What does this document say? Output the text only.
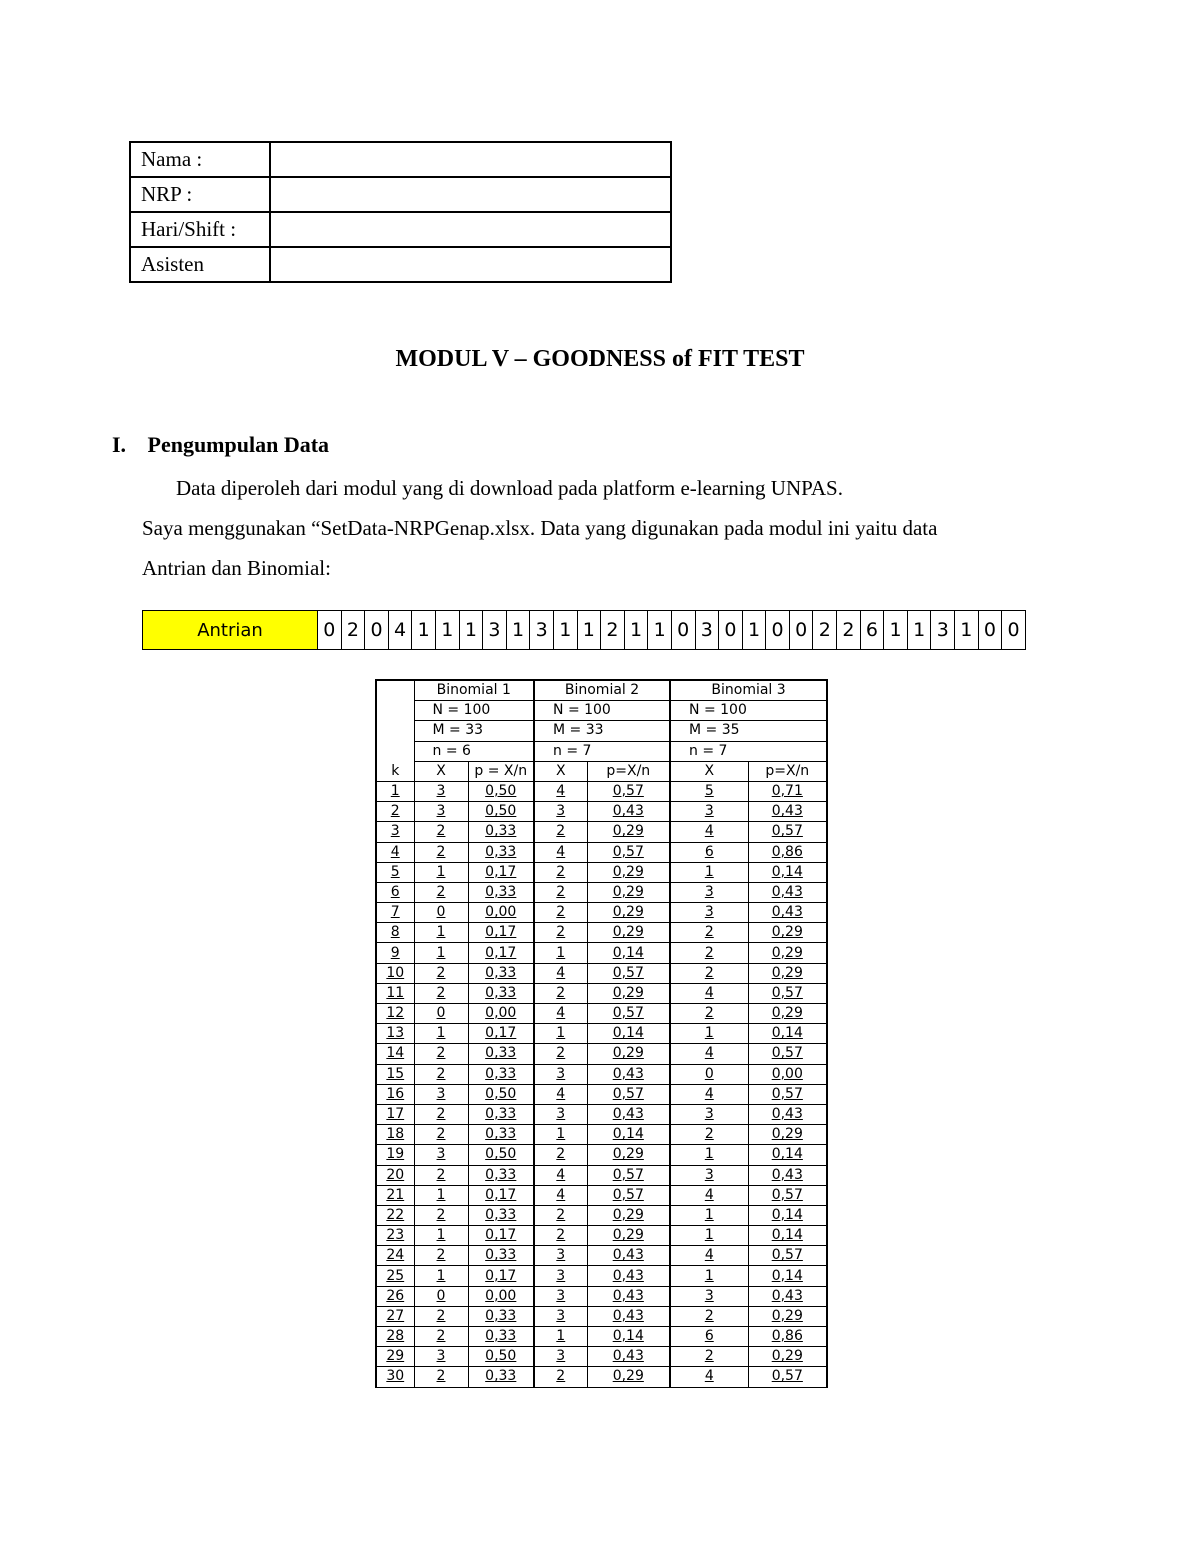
Nama :	
NRP :	
Hari/Shift :	
Asisten	
MODUL V – GOODNESS of FIT TEST
I. Pengumpulan Data
Data diperoleh dari modul yang di download pada platform e-learning UNPAS.
Saya menggunakan “SetData-NRPGenap.xlsx. Data yang digunakan pada modul ini yaitu data
Antrian dan Binomial:
Antrian	0	2	0	4	1	1	1	3	1	3	1	1	2	1	1	0	3	0	1	0	0	2	2	6	1	1	3	1	0	0
k	Binomial 1		Binomial 2		Binomial 3	
	N = 100		N = 100		N = 100	
	M = 33		M = 33		M = 35	
	n = 6		n = 7		n = 7	
	X	p = X/n	X	p=X/n	X	p=X/n
1	3	0,50	4	0,57	5	0,71
2	3	0,50	3	0,43	3	0,43
3	2	0,33	2	0,29	4	0,57
4	2	0,33	4	0,57	6	0,86
5	1	0,17	2	0,29	1	0,14
6	2	0,33	2	0,29	3	0,43
7	0	0,00	2	0,29	3	0,43
8	1	0,17	2	0,29	2	0,29
9	1	0,17	1	0,14	2	0,29
10	2	0,33	4	0,57	2	0,29
11	2	0,33	2	0,29	4	0,57
12	0	0,00	4	0,57	2	0,29
13	1	0,17	1	0,14	1	0,14
14	2	0,33	2	0,29	4	0,57
15	2	0,33	3	0,43	0	0,00
16	3	0,50	4	0,57	4	0,57
17	2	0,33	3	0,43	3	0,43
18	2	0,33	1	0,14	2	0,29
19	3	0,50	2	0,29	1	0,14
20	2	0,33	4	0,57	3	0,43
21	1	0,17	4	0,57	4	0,57
22	2	0,33	2	0,29	1	0,14
23	1	0,17	2	0,29	1	0,14
24	2	0,33	3	0,43	4	0,57
25	1	0,17	3	0,43	1	0,14
26	0	0,00	3	0,43	3	0,43
27	2	0,33	3	0,43	2	0,29
28	2	0,33	1	0,14	6	0,86
29	3	0,50	3	0,43	2	0,29
30	2	0,33	2	0,29	4	0,57
